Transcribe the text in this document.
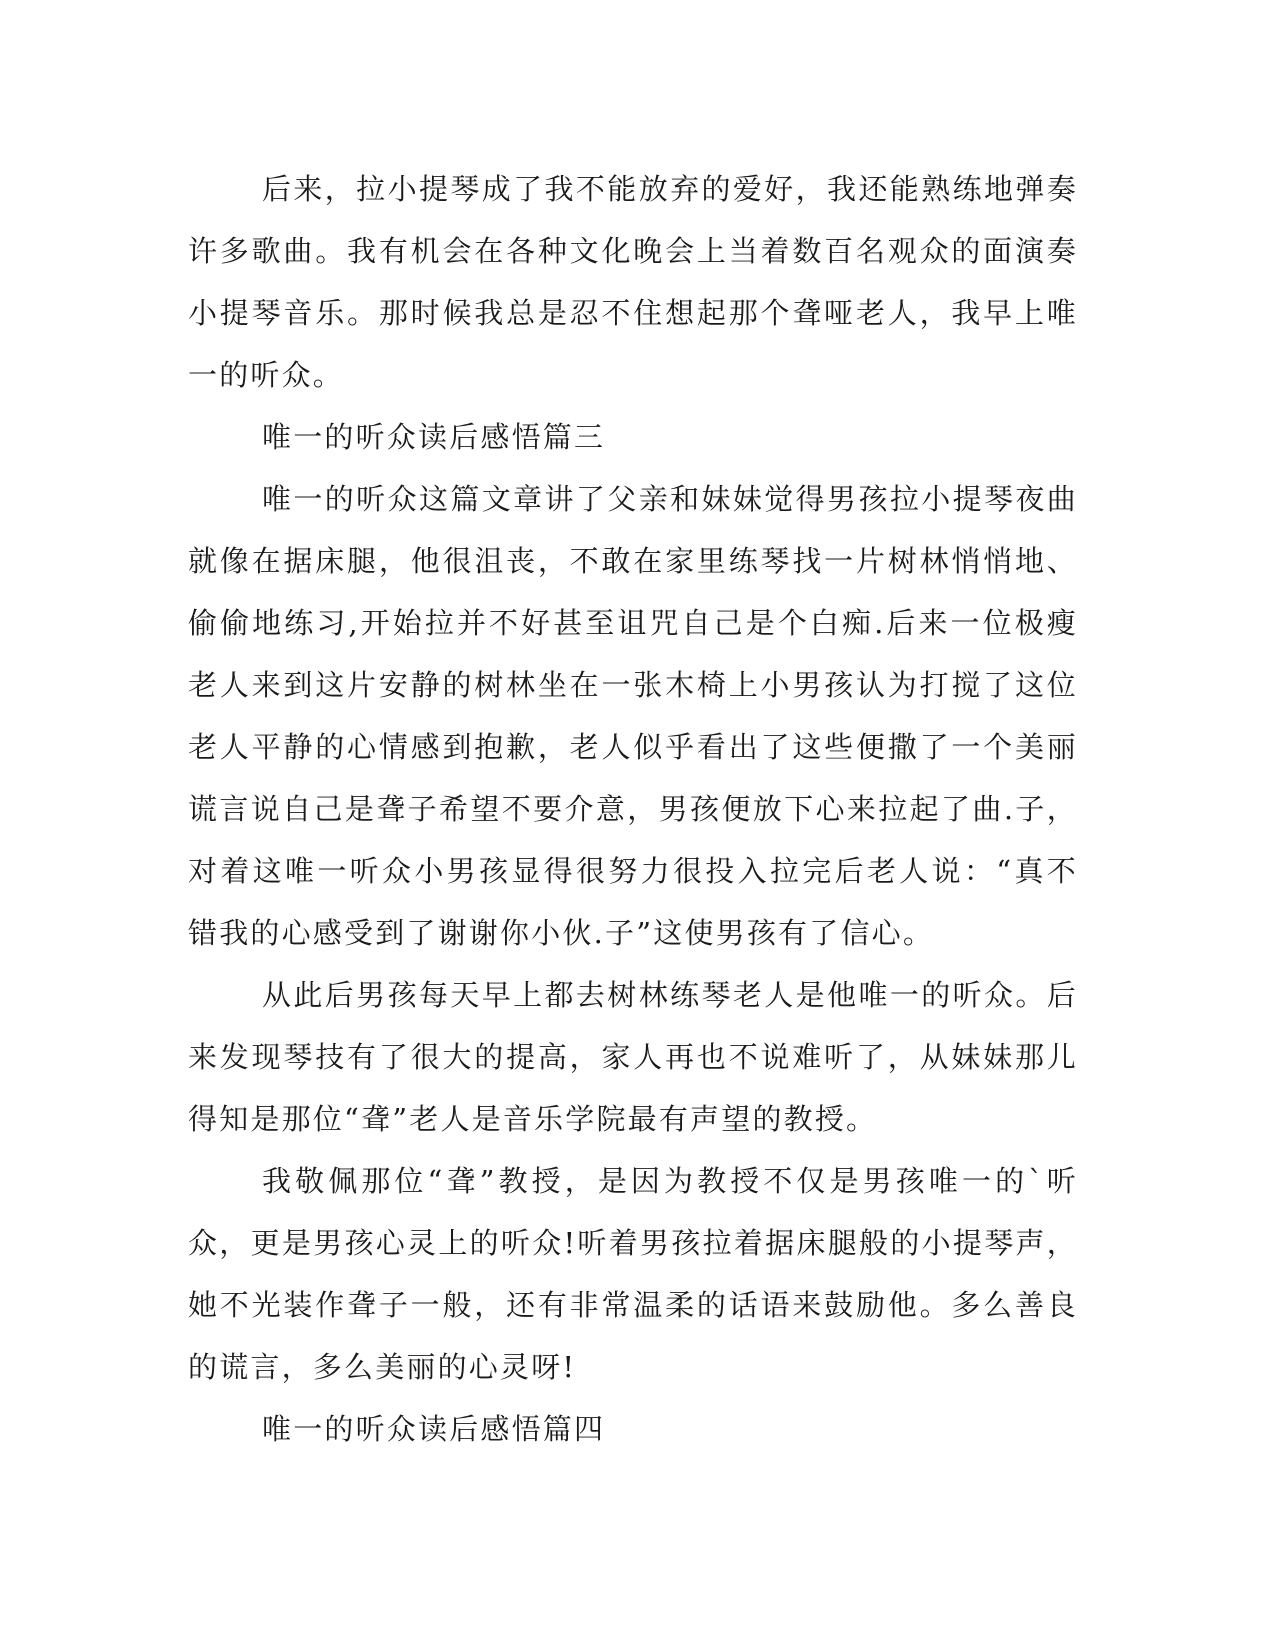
后来，拉小提琴成了我不能放弃的爱好，我还能熟练地弹奏许多歌曲。我有机会在各种文化晚会上当着数百名观众的面演奏小提琴音乐。那时候我总是忍不住想起那个聋哑老人，我早上唯一的听众。

唯一的听众读后感悟篇三

唯一的听众这篇文章讲了父亲和妹妹觉得男孩拉小提琴夜曲就像在据床腿，他很沮丧，不敢在家里练琴找一片树林悄悄地、偷偷地练习,开始拉并不好甚至诅咒自己是个白痴.后来一位极瘦老人来到这片安静的树林坐在一张木椅上小男孩认为打搅了这位老人平静的心情感到抱歉，老人似乎看出了这些便撒了一个美丽谎言说自己是聋子希望不要介意，男孩便放下心来拉起了曲.子，对着这唯一听众小男孩显得很努力很投入拉完后老人说：“真不错我的心感受到了谢谢你小伙.子”这使男孩有了信心。

从此后男孩每天早上都去树林练琴老人是他唯一的听众。后来发现琴技有了很大的提高，家人再也不说难听了，从妹妹那儿得知是那位“聋”老人是音乐学院最有声望的教授。

我敬佩那位“聋”教授，是因为教授不仅是男孩唯一的`听众，更是男孩心灵上的听众!听着男孩拉着据床腿般的小提琴声，她不光装作聋子一般，还有非常温柔的话语来鼓励他。多么善良的谎言，多么美丽的心灵呀!

唯一的听众读后感悟篇四
